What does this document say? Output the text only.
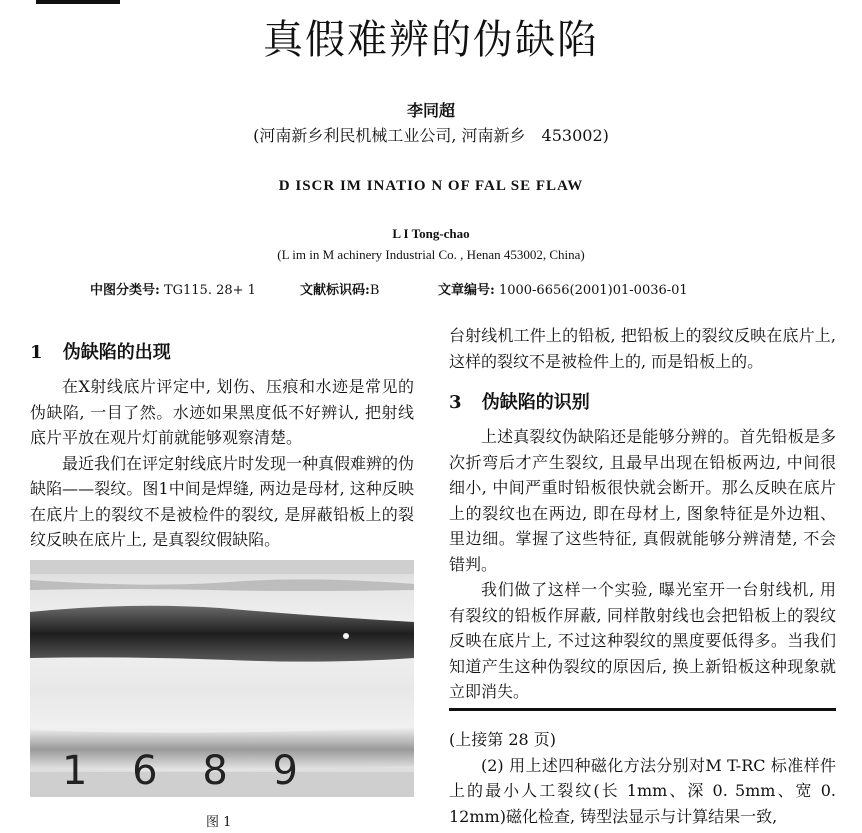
真假难辨的伪缺陷
李同超
(河南新乡利民机械工业公司, 河南新乡　453002)
D ISCR IM INATIO N OF FAL SE FLAW
L I Tong-chao
(L im in M achinery Industrial Co. , Henan 453002, China)
中图分类号: TG115. 28+ 1	文献标识码:B	文章编号: 1000-6656(2001)01-0036-01
1 伪缺陷的出现

在X射线底片评定中, 划伤、压痕和水迹是常见的伪缺陷, 一目了然。水迹如果黑度低不好辨认, 把射线底片平放在观片灯前就能够观察清楚。

最近我们在评定射线底片时发现一种真假难辨的伪缺陷——裂纹。图1中间是焊缝, 两边是母材, 这种反映在底片上的裂纹不是被检件的裂纹, 是屏蔽铅板上的裂纹反映在底片上, 是真裂纹假缺陷。

1 6 8 9
图 1

台射线机工件上的铅板, 把铅板上的裂纹反映在底片上, 这样的裂纹不是被检件上的, 而是铅板上的。

3 伪缺陷的识别

上述真裂纹伪缺陷还是能够分辨的。首先铅板是多次折弯后才产生裂纹, 且最早出现在铅板两边, 中间很细小, 中间严重时铅板很快就会断开。那么反映在底片上的裂纹也在两边, 即在母材上, 图象特征是外边粗、里边细。掌握了这些特征, 真假就能够分辨清楚, 不会错判。

我们做了这样一个实验, 曝光室开一台射线机, 用有裂纹的铅板作屏蔽, 同样散射线也会把铅板上的裂纹反映在底片上, 不过这种裂纹的黑度要低得多。当我们知道产生这种伪裂纹的原因后, 换上新铅板这种现象就立即消失。

(上接第 28 页)

(2) 用上述四种磁化方法分别对M T-RC 标准样件上的最小人工裂纹(长 1mm、深 0. 5mm、宽 0. 12mm)磁化检查, 铸型法显示与计算结果一致,
